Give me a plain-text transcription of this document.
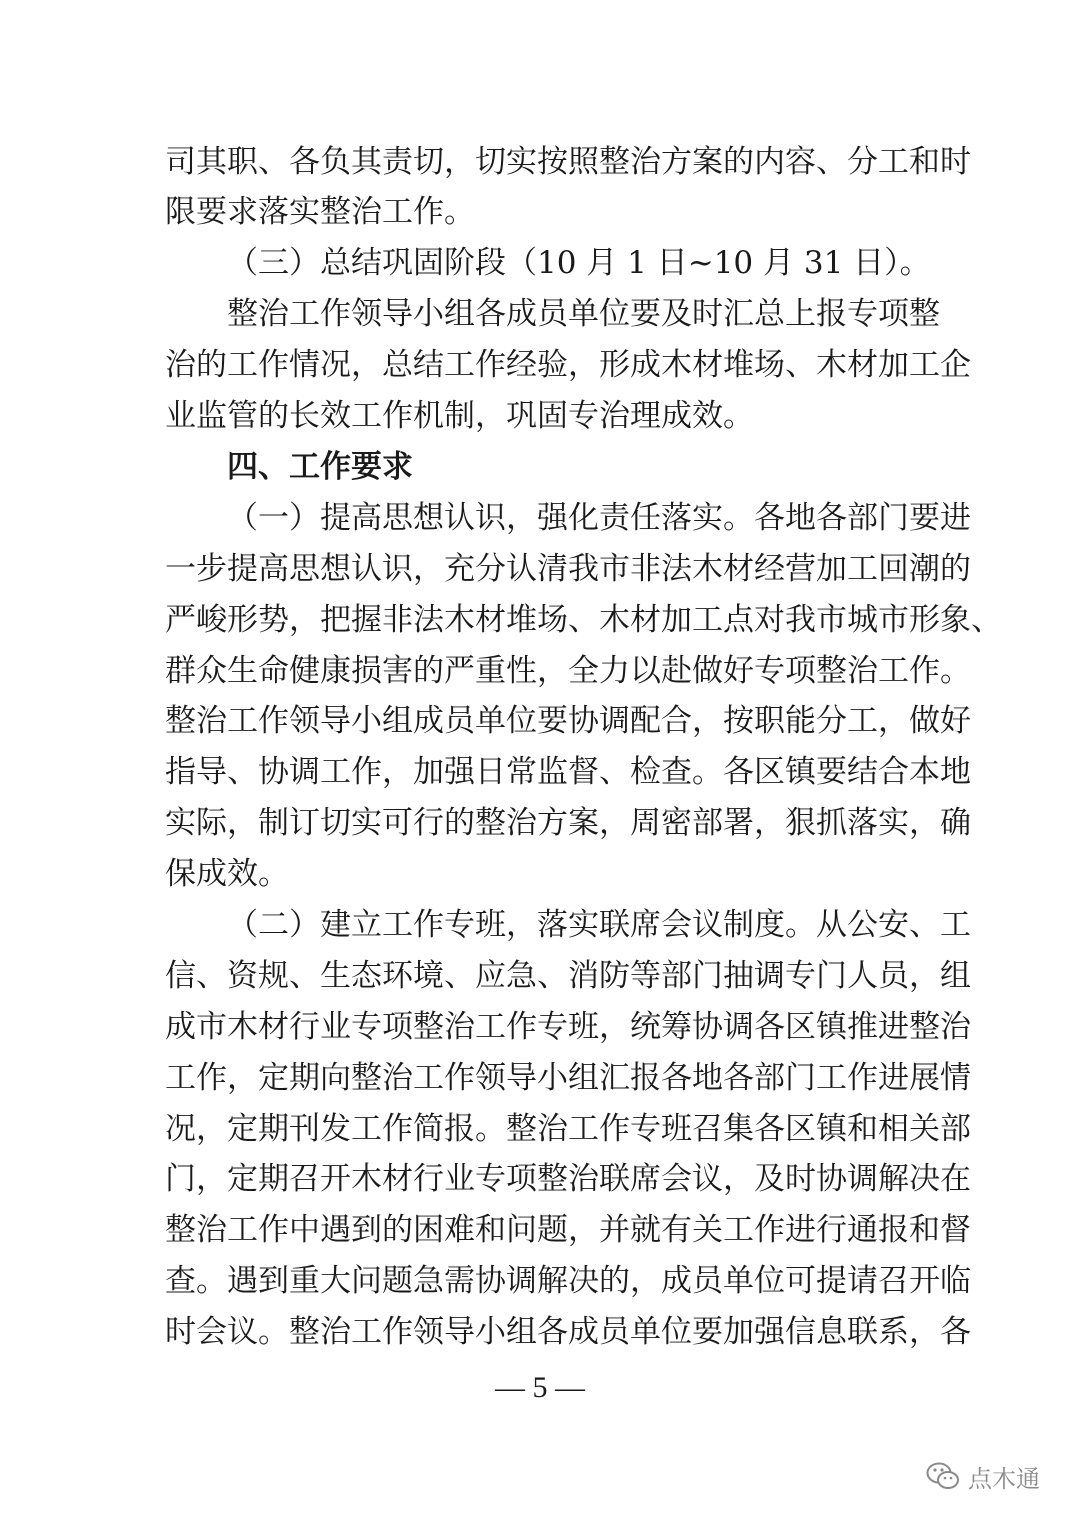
司其职、各负其责切，切实按照整治方案的内容、分工和时
限要求落实整治工作。
（三）总结巩固阶段（10 月 1 日~10 月 31 日）。
整治工作领导小组各成员单位要及时汇总上报专项整
治的工作情况，总结工作经验，形成木材堆场、木材加工企
业监管的长效工作机制，巩固专治理成效。
四、工作要求
（一）提高思想认识，强化责任落实。各地各部门要进
一步提高思想认识，充分认清我市非法木材经营加工回潮的
严峻形势，把握非法木材堆场、木材加工点对我市城市形象、
群众生命健康损害的严重性，全力以赴做好专项整治工作。
整治工作领导小组成员单位要协调配合，按职能分工，做好
指导、协调工作，加强日常监督、检查。各区镇要结合本地
实际，制订切实可行的整治方案，周密部署，狠抓落实，确
保成效。
（二）建立工作专班，落实联席会议制度。从公安、工
信、资规、生态环境、应急、消防等部门抽调专门人员，组
成市木材行业专项整治工作专班，统筹协调各区镇推进整治
工作，定期向整治工作领导小组汇报各地各部门工作进展情
况，定期刊发工作简报。整治工作专班召集各区镇和相关部
门，定期召开木材行业专项整治联席会议，及时协调解决在
整治工作中遇到的困难和问题，并就有关工作进行通报和督
查。遇到重大问题急需协调解决的，成员单位可提请召开临
时会议。整治工作领导小组各成员单位要加强信息联系，各
— 5 —
点木通
